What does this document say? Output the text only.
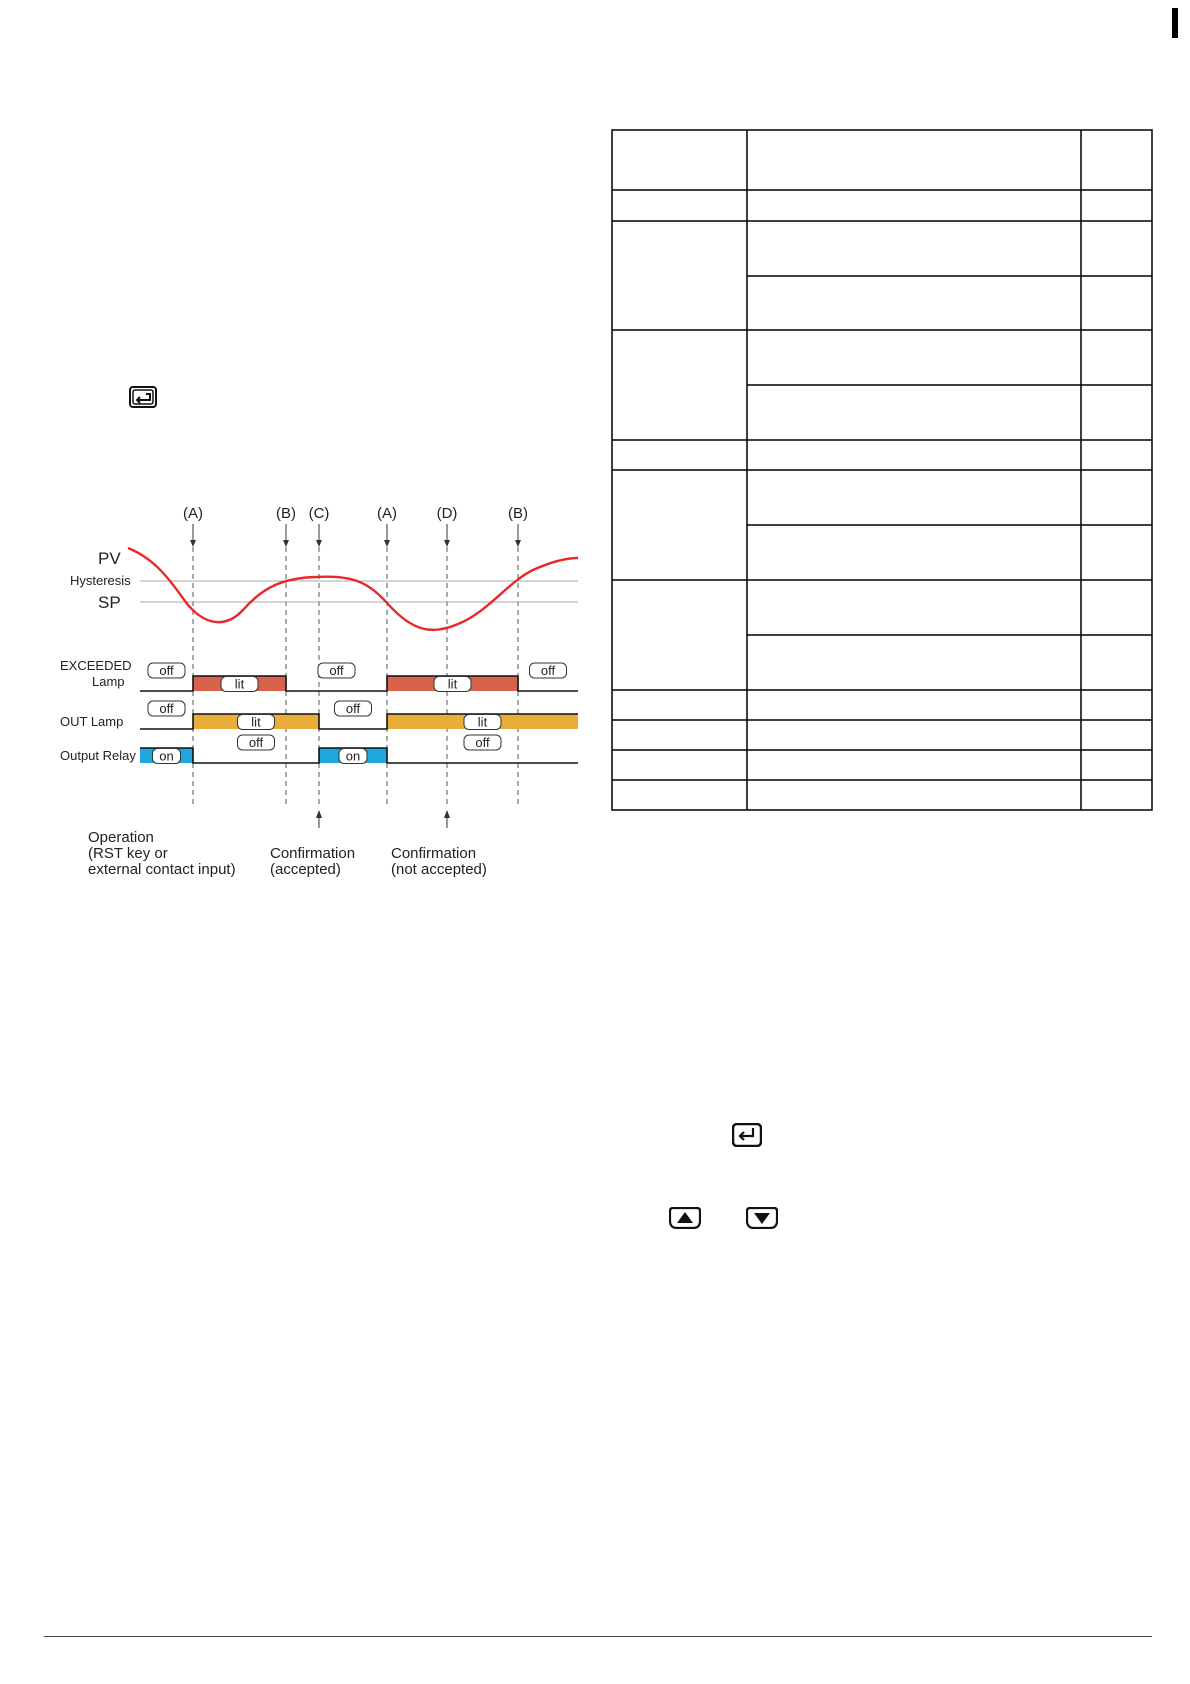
(A)	(B) (C)	(A)	(D)	(B)
PV
Hysteresis
SP
EXCEEDED
Lamp
off
lit
off
lit
off
OUT Lamp
off
lit
off
lit
Output Relay on
off
on
off
Operation
(RST key or
external contact input)
Confirmation
(accepted)
Confirmation
(not accepted)
